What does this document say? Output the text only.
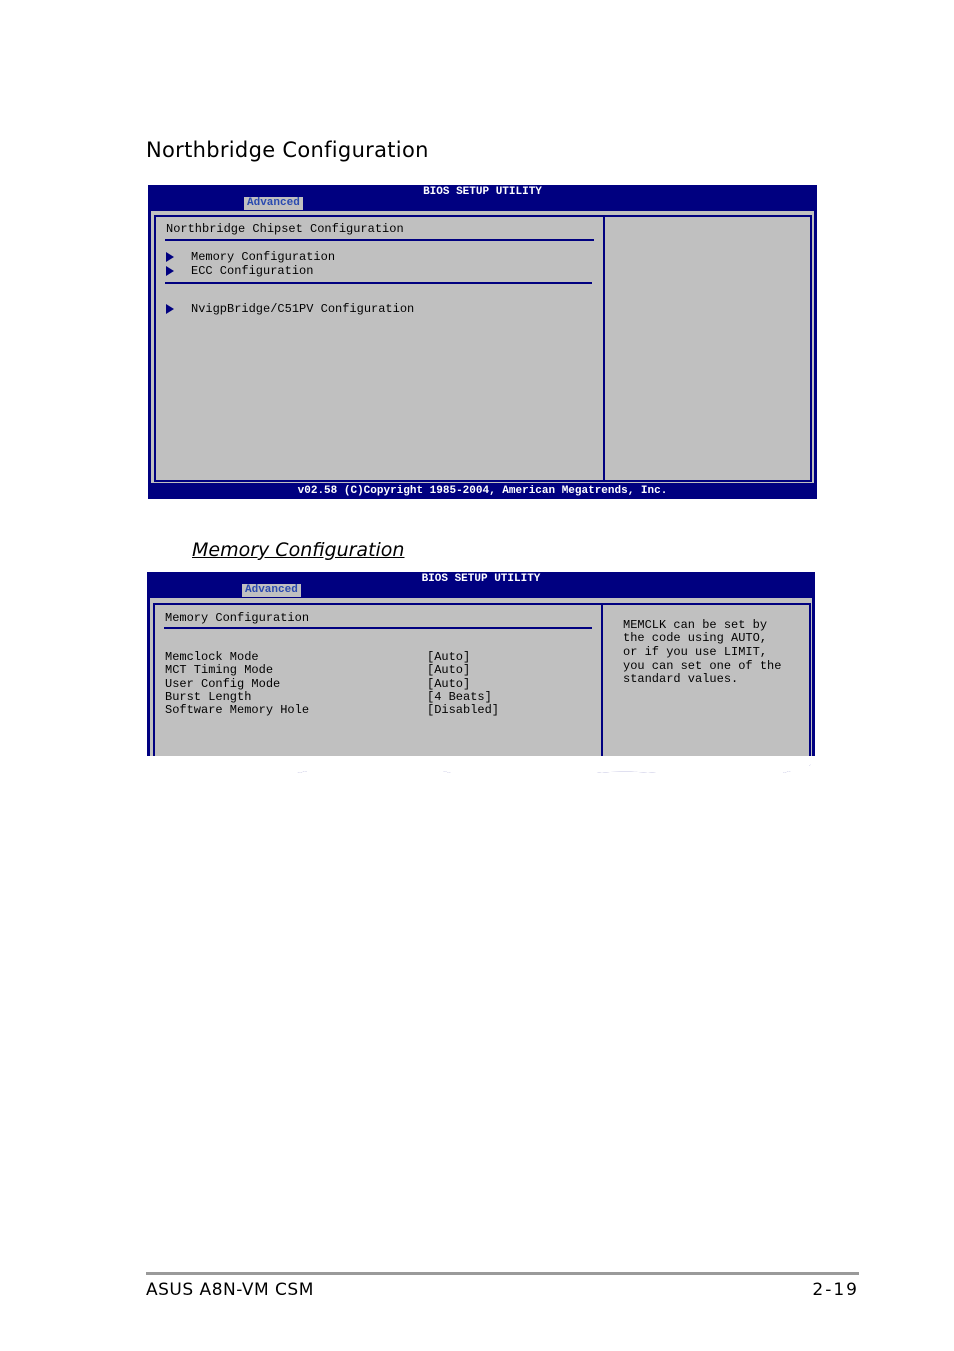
Northbridge Configuration
BIOS SETUP UTILITY
Advanced
Northbridge Chipset Configuration
Memory Configuration
ECC Configuration
NvigpBridge/C51PV Configuration
v02.58 (C)Copyright 1985-2004, American Megatrends, Inc.
Memory Configuration
BIOS SETUP UTILITY
Advanced
Memory Configuration
Memclock Mode	[Auto]
MCT Timing Mode	[Auto]
User Config Mode	[Auto]
Burst Length	[4 Beats]
Software Memory Hole	[Disabled]
MEMCLK can be set by
the code using AUTO,
or if you use LIMIT,
you can set one of the
standard values.
ASUS A8N-VM CSM	2-19
